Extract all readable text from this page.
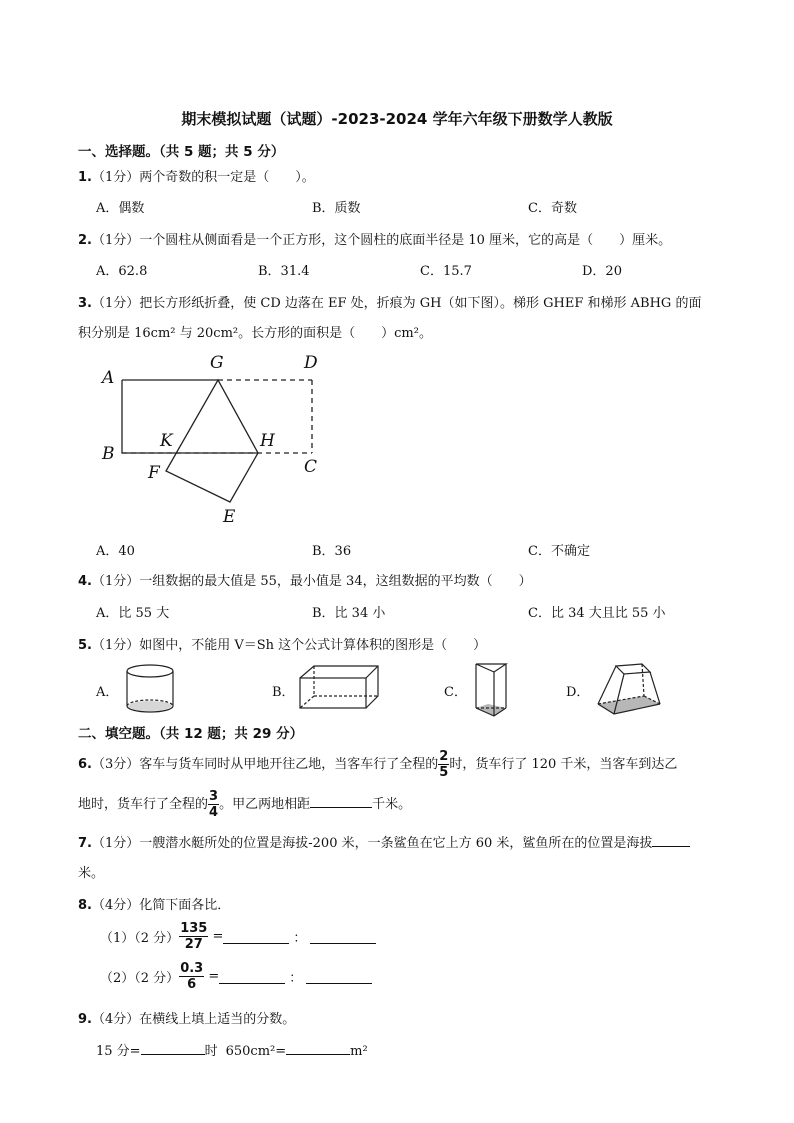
期末模拟试题（试题）-2023-2024 学年六年级下册数学人教版
一、选择题。（共 5 题；共 5 分）
1.（1分）两个奇数的积一定是（　　）。
A．偶数	B．质数	C．奇数
2.（1分）一个圆柱从侧面看是一个正方形，这个圆柱的底面半径是 10 厘米，它的高是（　　）厘米。
A．62.8	B．31.4	C．15.7	D．20
3.（1分）把长方形纸折叠，使 CD 边落在 EF 处，折痕为 GH（如下图）。梯形 GHEF 和梯形 ABHG 的面
积分别是 16cm² 与 20cm²。长方形的面积是（　　）cm²。
A
G	D
B
K	H
C
F
E
A．40	B．36	C．不确定
4.（1分）一组数据的最大值是 55，最小值是 34，这组数据的平均数（　　）
A．比 55 大	B．比 34 小	C．比 34 大且比 55 小
5.（1分）如图中，不能用 V＝Sh 这个公式计算体积的图形是（　　）
A．	B．	C．	D．
二、填空题。（共 12 题；共 29 分）
6.（3分）客车与货车同时从甲地开往乙地，当客车行了全程的 $\frac{2}{5}$ 时，货车行了 120 千米，当客车到达乙
地时，货车行了全程的 $\frac{3}{4}$ 。甲乙两地相距	千米。
7.（1分）一艘潜水艇所处的位置是海拔-200 米，一条鲨鱼在它上方 60 米，鲨鱼所在的位置是海拔
米。
8.（4分）化简下面各比．
（1）（2 分） $\frac{135}{27}$ =	：
（2）（2 分） $\frac{0.3}{6}$ =	：
9.（4分）在横线上填上适当的分数。
15 分=	时 650cm²=	m²
